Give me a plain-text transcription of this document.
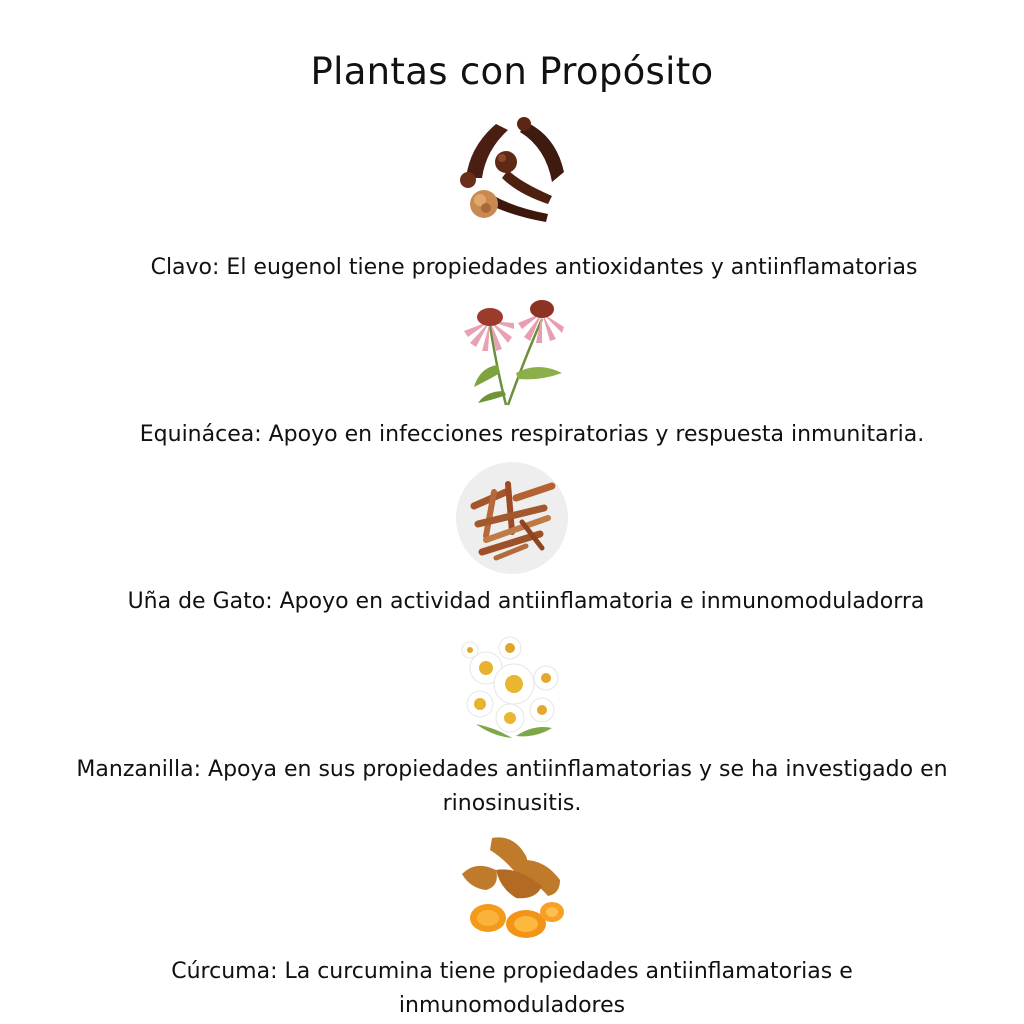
Plantas con Propósito
Clavo: El eugenol tiene propiedades antioxidantes y antiinflamatorias
Equinácea: Apoyo en infecciones respiratorias y respuesta inmunitaria.
Uña de Gato: Apoyo en actividad antiinflamatoria e inmunomoduladorra
Manzanilla: Apoya en sus propiedades antiinflamatorias y se ha investigado en
rinosinusitis.
Cúrcuma: La curcumina tiene propiedades antiinflamatorias e
inmunomoduladores
